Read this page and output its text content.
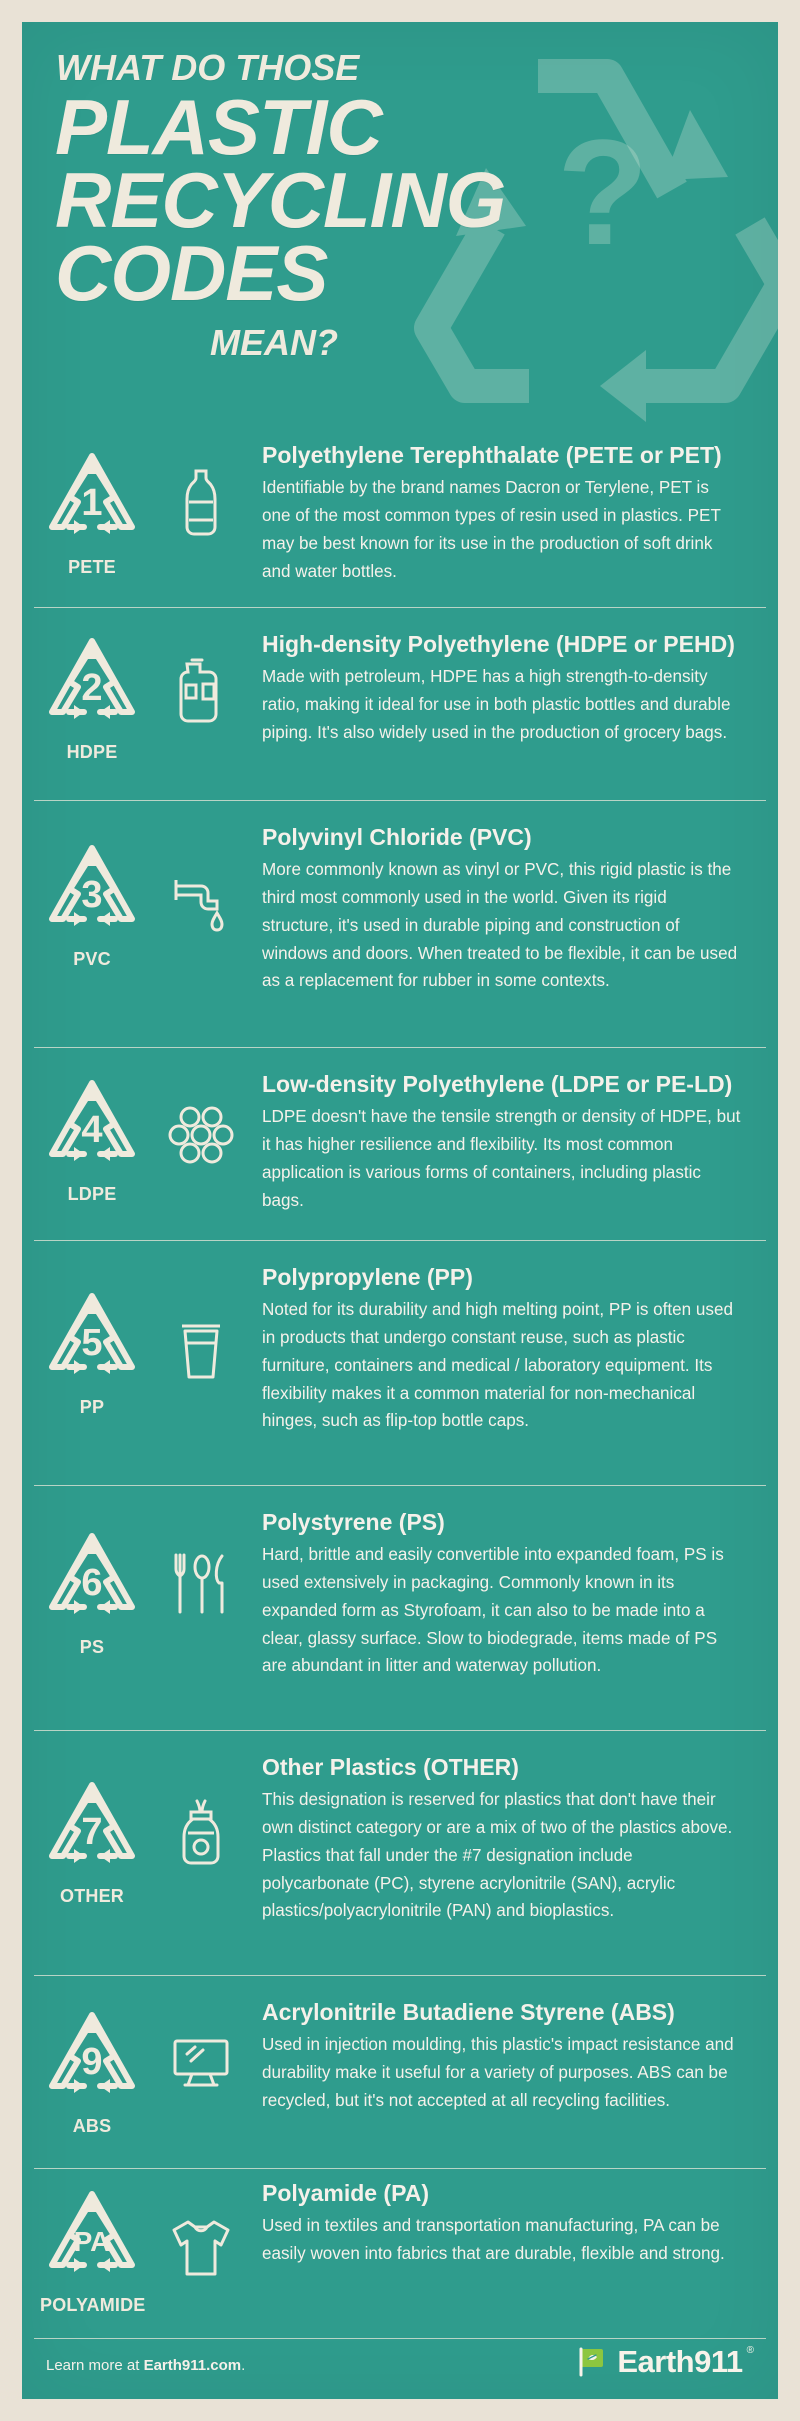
?
WHAT DO THOSE
PLASTIC
RECYCLING
CODES
MEAN?
1
PETE
Polyethylene Terephthalate (PETE or PET)

Identifiable by the brand names Dacron or Terylene, PET is one of the most common types of resin used in plastics. PET may be best known for its use in the production of soft drink and water bottles.

2
HDPE
High-density Polyethylene (HDPE or PEHD)

Made with petroleum, HDPE has a high strength-to-density ratio, making it ideal for use in both plastic bottles and durable piping. It's also widely used in the production of grocery bags.

3
PVC
Polyvinyl Chloride (PVC)

More commonly known as vinyl or PVC, this rigid plastic is the third most commonly used in the world. Given its rigid structure, it's used in durable piping and construction of windows and doors. When treated to be flexible, it can be used as a replacement for rubber in some contexts.

4
LDPE
Low-density Polyethylene (LDPE or PE-LD)

LDPE doesn't have the tensile strength or density of HDPE, but it has higher resilience and flexibility. Its most common application is various forms of containers, including plastic bags.

5
PP
Polypropylene (PP)

Noted for its durability and high melting point, PP is often used in products that undergo constant reuse, such as plastic furniture, containers and medical / laboratory equipment. Its flexibility makes it a common material for non-mechanical hinges, such as flip-top bottle caps.

6
PS
Polystyrene (PS)

Hard, brittle and easily convertible into expanded foam, PS is used extensively in packaging. Commonly known in its expanded form as Styrofoam, it can also to be made into a clear, glassy surface. Slow to biodegrade, items made of PS are abundant in litter and waterway pollution.

7
OTHER
Other Plastics (OTHER)

This designation is reserved for plastics that don't have their own distinct category or are a mix of two of the plastics above. Plastics that fall under the #7 designation include polycarbonate (PC), styrene acrylonitrile (SAN), acrylic plastics/polyacrylonitrile (PAN) and bioplastics.

9
ABS
Acrylonitrile Butadiene Styrene (ABS)

Used in injection moulding, this plastic's impact resistance and durability make it useful for a variety of purposes. ABS can be recycled, but it's not accepted at all recycling facilities.

PA
POLYAMIDE
Polyamide (PA)

Used in textiles and transportation manufacturing, PA can be easily woven into fabrics that are durable, flexible and strong.

Learn more at Earth911.com.	Earth911 ®
